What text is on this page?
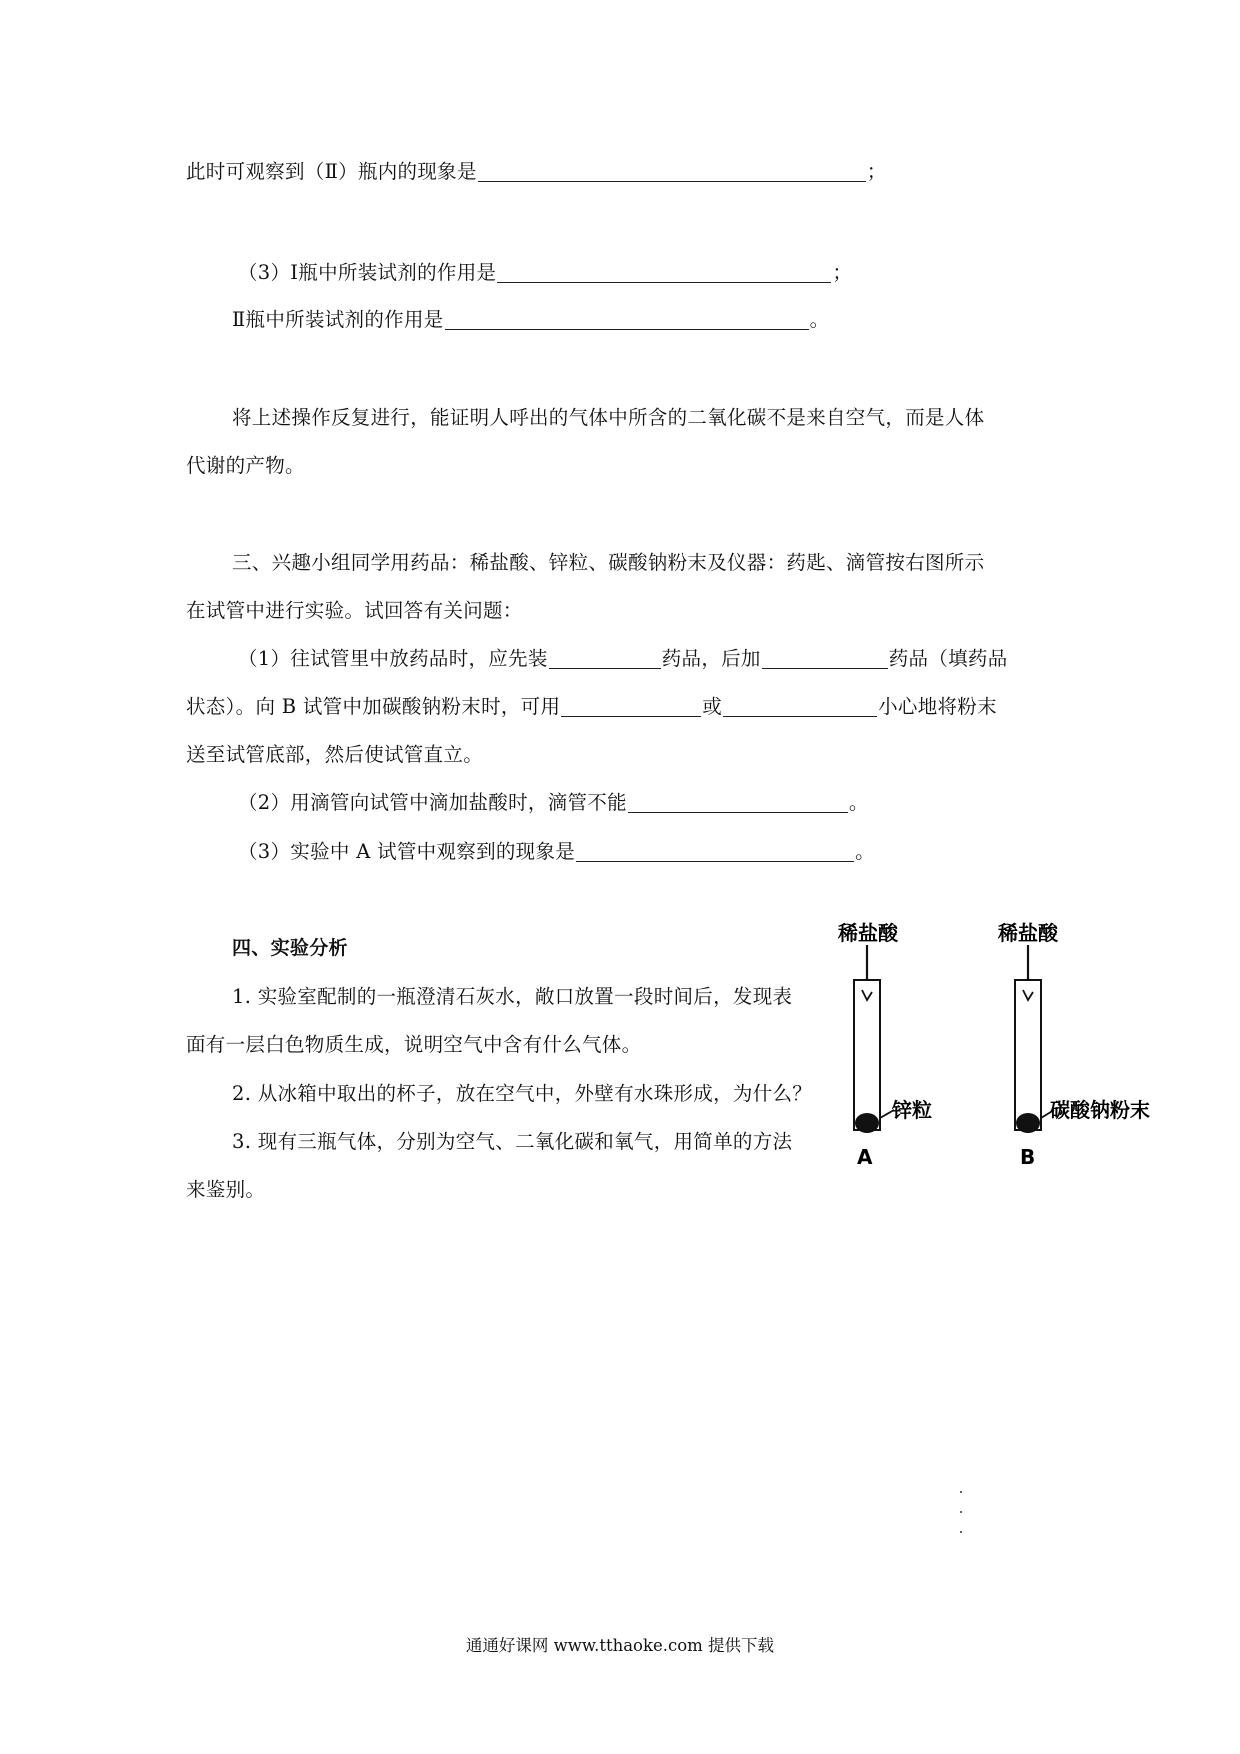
此时可观察到（Ⅱ）瓶内的现象是	；
（3）Ⅰ瓶中所装试剂的作用是	；
Ⅱ瓶中所装试剂的作用是	。
将上述操作反复进行，能证明人呼出的气体中所含的二氧化碳不是来自空气，而是人体
代谢的产物。
三、兴趣小组同学用药品：稀盐酸、锌粒、碳酸钠粉末及仪器：药匙、滴管按右图所示
在试管中进行实验。试回答有关问题：
（1）往试管里中放药品时，应先装	药品，后加	药品（填药品
状态）。向 B 试管中加碳酸钠粉末时，可用	或	小心地将粉末
送至试管底部，然后使试管直立。
（2）用滴管向试管中滴加盐酸时，滴管不能	。
（3）实验中 A 试管中观察到的现象是	。
四、实验分析
1. 实验室配制的一瓶澄清石灰水，敞口放置一段时间后，发现表
面有一层白色物质生成，说明空气中含有什么气体。
2. 从冰箱中取出的杯子，放在空气中，外壁有水珠形成，为什么？
3. 现有三瓶气体，分别为空气、二氧化碳和氧气，用简单的方法
来鉴别。
稀盐酸
锌粒
A
稀盐酸
碳酸钠粉末
B
通通好课网 www.tthaoke.com 提供下载
